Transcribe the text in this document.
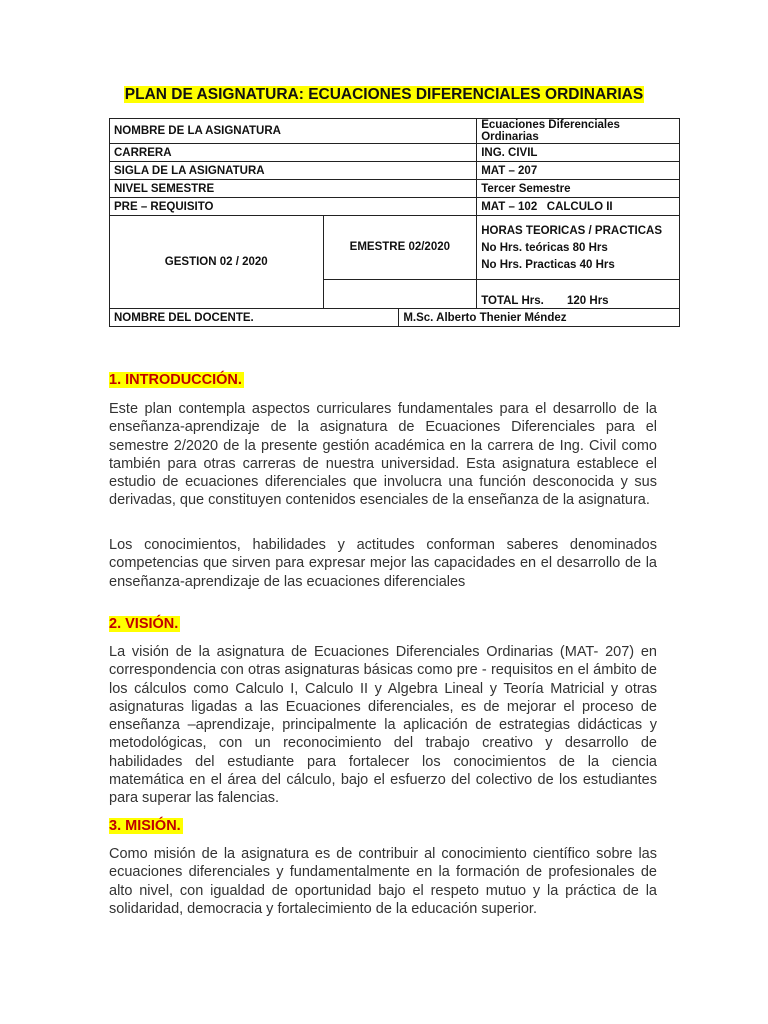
PLAN DE ASIGNATURA: ECUACIONES DIFERENCIALES ORDINARIAS
NOMBRE DE LA ASIGNATURA			Ecuaciones Diferenciales Ordinarias
CARRERA			ING. CIVIL
SIGLA DE LA ASIGNATURA			MAT – 207
NIVEL SEMESTRE			Tercer Semestre
PRE – REQUISITO			MAT – 102   CALCULO II
GESTION 02 / 2020	EMESTRE 02/2020		HORAS TEORICAS / PRACTICAS
No Hrs. teóricas 80 Hrs
No Hrs. Practicas 40 Hrs

			TOTAL Hrs. 120 Hrs
NOMBRE DEL DOCENTE.		M.Sc. Alberto Thenier Méndez	
1. INTRODUCCIÓN.
Este plan contempla aspectos curriculares fundamentales para el desarrollo de la enseñanza-aprendizaje de la asignatura de Ecuaciones Diferenciales para el semestre 2/2020 de la presente gestión académica en la carrera de Ing. Civil como también para otras carreras de nuestra universidad. Esta asignatura establece el estudio de ecuaciones diferenciales que involucra una función desconocida y sus derivadas, que constituyen contenidos esenciales de la enseñanza de la asignatura.
Los conocimientos, habilidades y actitudes conforman saberes denominados competencias que sirven para expresar mejor las capacidades en el desarrollo de la enseñanza-aprendizaje de las ecuaciones diferenciales
2. VISIÓN.
La visión de la asignatura de Ecuaciones Diferenciales Ordinarias (MAT- 207) en correspondencia con otras asignaturas básicas como pre - requisitos en el ámbito de los cálculos como Calculo I, Calculo II y Algebra Lineal y Teoría Matricial y otras asignaturas ligadas a las Ecuaciones diferenciales, es de mejorar el proceso de enseñanza –aprendizaje, principalmente la aplicación de estrategias didácticas y metodológicas, con un reconocimiento del trabajo creativo y desarrollo de habilidades del estudiante para fortalecer los conocimientos de la ciencia matemática en el área del cálculo, bajo el esfuerzo del colectivo de los estudiantes para superar las falencias.
3. MISIÓN.
Como misión de la asignatura es de contribuir al conocimiento científico sobre las ecuaciones diferenciales y fundamentalmente en la formación de profesionales de alto nivel, con igualdad de oportunidad bajo el respeto mutuo y la práctica de la solidaridad, democracia y fortalecimiento de la educación superior.
